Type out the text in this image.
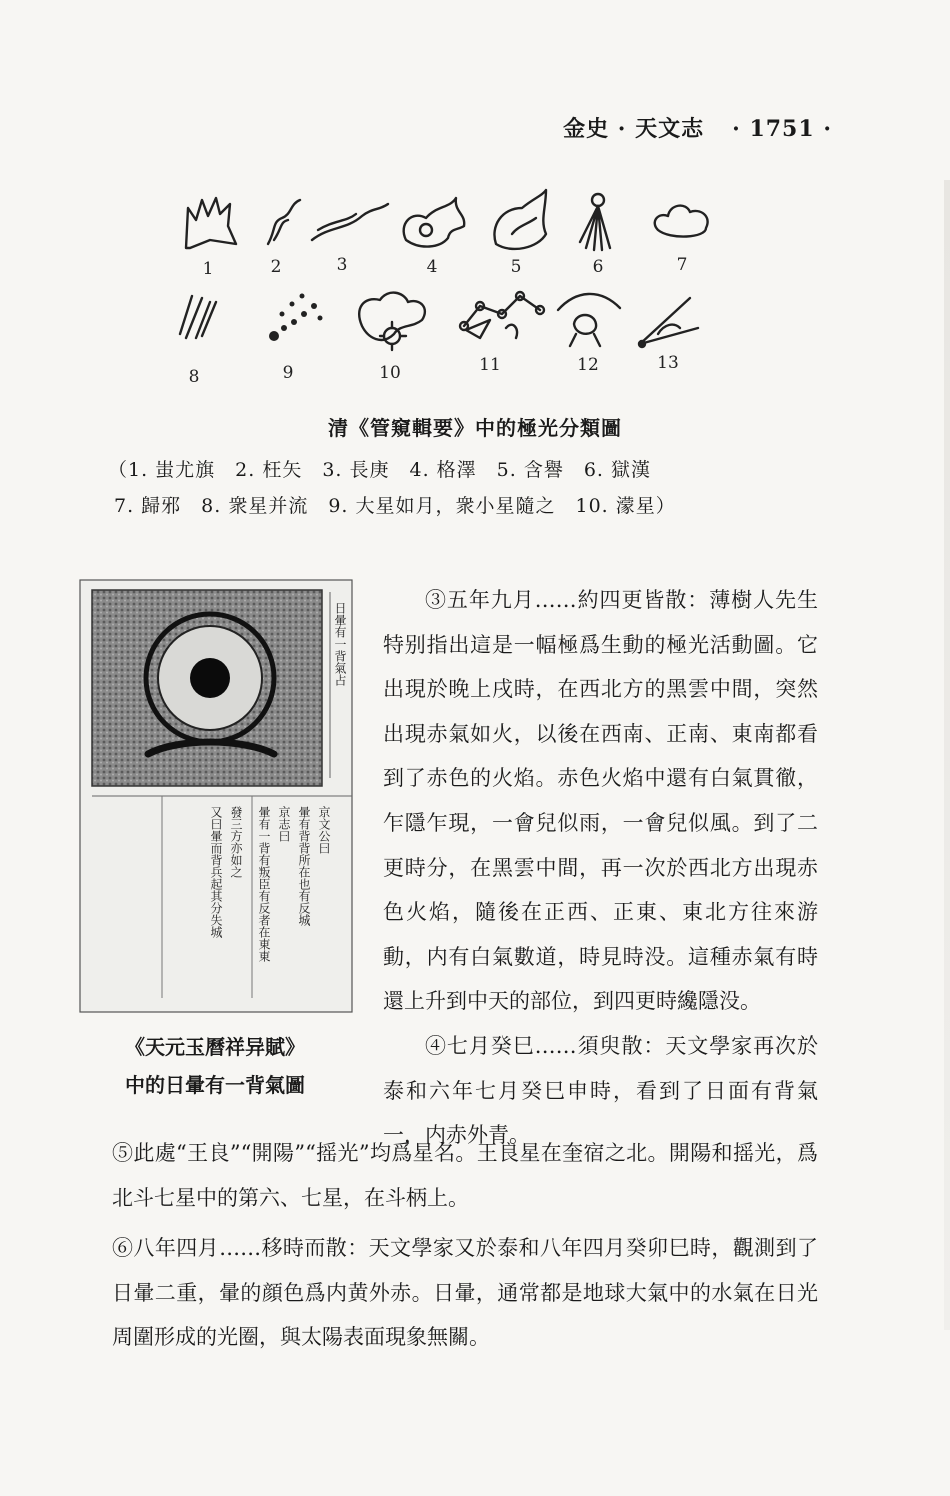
金史 · 天文志 · 1751 ·
1	2	3	4	5	6	7
8	9	10	11	12	13
清《管窺輯要》中的極光分類圖
（1. 蚩尤旗　2. 枉矢　3. 長庚　4. 格澤　5. 含譽　6. 獄漢
7. 歸邪　8. 衆星并流　9. 大星如月，衆小星隨之　10. 濛星）
日暈有一背氣占
京文公曰
暈有背背所在也有反城
京志曰
暈有一背有叛臣有反者在東東
發三方亦如之
又曰暈而背兵起其分失城
《天元玉曆祥异賦》
中的日暈有一背氣圖

③五年九月……約四更皆散：薄樹人先生特别指出這是一幅極爲生動的極光活動圖。它出現於晚上戌時，在西北方的黑雲中間，突然出現赤氣如火，以後在西南、正南、東南都看到了赤色的火焰。赤色火焰中還有白氣貫徹，乍隱乍現，一會兒似雨，一會兒似風。到了二更時分，在黑雲中間，再一次於西北方出現赤色火焰，隨後在正西、正東、東北方往來游動，内有白氣數道，時見時没。這種赤氣有時還上升到中天的部位，到四更時纔隱没。

④七月癸巳……須臾散：天文學家再次於泰和六年七月癸巳申時，看到了日面有背氣一，内赤外青。

⑤此處“王良”“開陽”“摇光”均爲星名。王良星在奎宿之北。開陽和摇光，爲北斗七星中的第六、七星，在斗柄上。

⑥八年四月……移時而散：天文學家又於泰和八年四月癸卯巳時，觀測到了日暈二重，暈的顔色爲内黄外赤。日暈，通常都是地球大氣中的水氣在日光周圍形成的光圈，與太陽表面現象無關。
